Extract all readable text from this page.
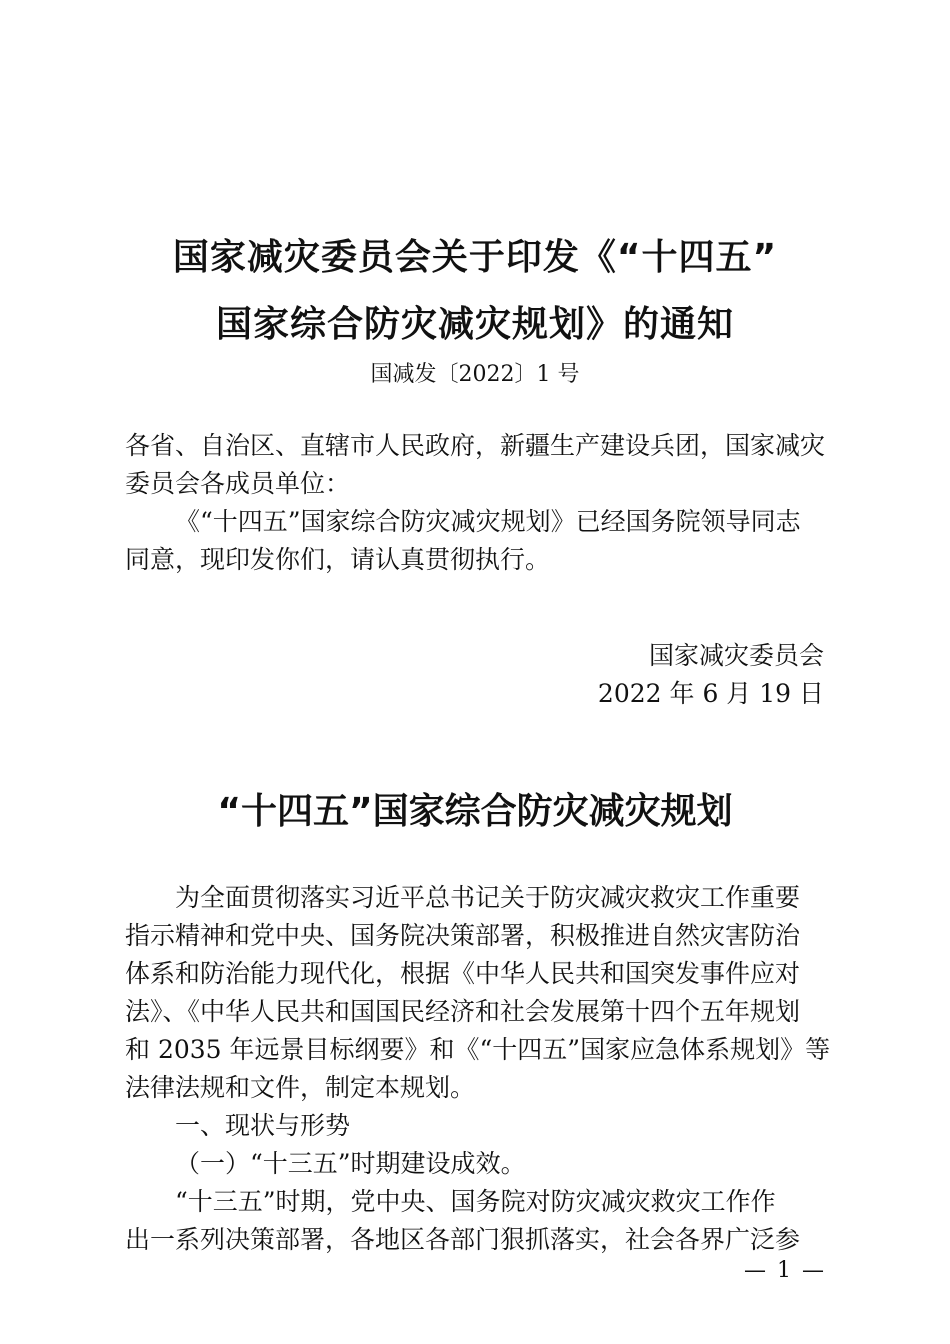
国家减灾委员会关于印发《“十四五”
国家综合防灾减灾规划》的通知
国减发〔2022〕1 号
各省、自治区、直辖市人民政府，新疆生产建设兵团，国家减灾
委员会各成员单位：
《“十四五”国家综合防灾减灾规划》已经国务院领导同志
同意，现印发你们，请认真贯彻执行。
国家减灾委员会
2022 年 6 月 19 日
“十四五”国家综合防灾减灾规划
为全面贯彻落实习近平总书记关于防灾减灾救灾工作重要
指示精神和党中央、国务院决策部署，积极推进自然灾害防治
体系和防治能力现代化，根据《中华人民共和国突发事件应对
法》、《中华人民共和国国民经济和社会发展第十四个五年规划
和 2035 年远景目标纲要》和《“十四五”国家应急体系规划》等
法律法规和文件，制定本规划。
一、现状与形势
（一）“十三五”时期建设成效。
“十三五”时期，党中央、国务院对防灾减灾救灾工作作
出一系列决策部署，各地区各部门狠抓落实，社会各界广泛参
— 1 —
